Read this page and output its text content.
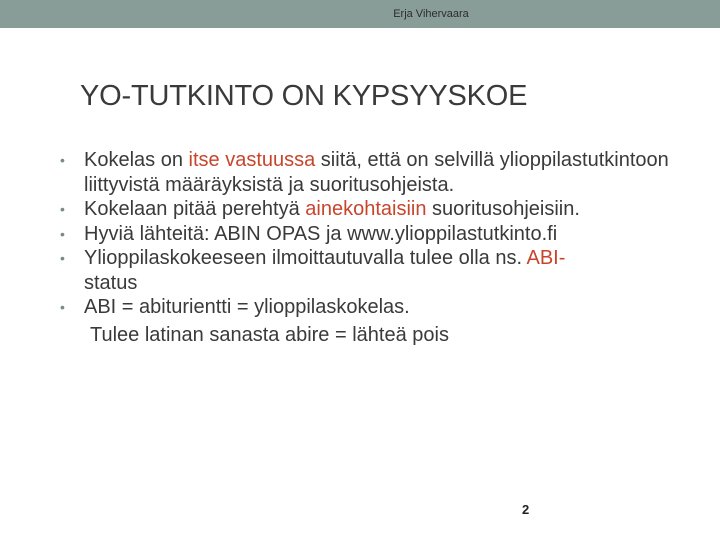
Erja Vihervaara
YO-TUTKINTO ON KYPSYYSKOE

• Kokelas on itse vastuussa siitä, että on selvillä ylioppilastutkintoon liittyvistä määräyksistä ja suoritusohjeista.

• Kokelaan pitää perehtyä ainekohtaisiin suoritusohjeisiin.

• Hyviä lähteitä: ABIN OPAS ja www.ylioppilastutkinto.fi

• Ylioppilaskokeeseen ilmoittautuvalla tulee olla ns. ABI-
status

• ABI = abiturientti = ylioppilaskokelas.

Tulee latinan sanasta abire = lähteä pois

2
